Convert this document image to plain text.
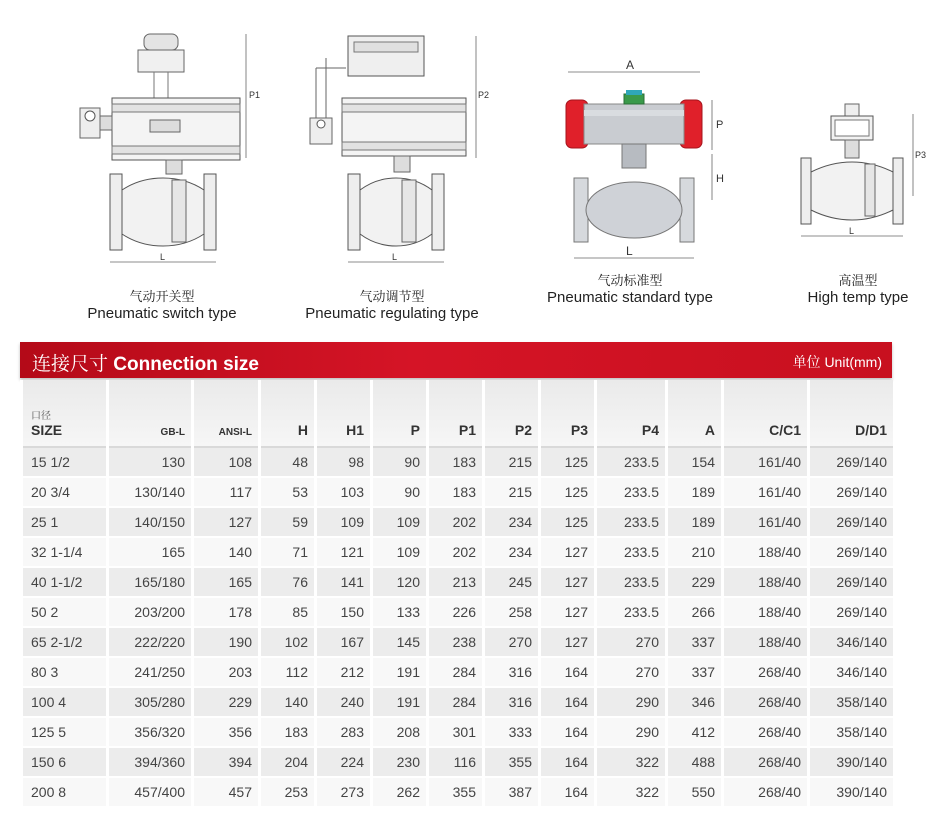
P1
L
气动开关型
Pneumatic switch type
P2
L
气动调节型
Pneumatic regulating type
A
P
H
L
气动标准型
Pneumatic standard type
P3
L
高温型
High temp type
连接尺寸 Connection size	单位 Unit(mm)
口径
SIZE	GB-L	ANSI-L	H	H1	P	P1	P2	P3	P4	A	C/C1	D/D1
15 1/2	130	108	48	98	90	183	215	125	233.5	154	161/40	269/140
20 3/4	130/140	117	53	103	90	183	215	125	233.5	189	161/40	269/140
25 1	140/150	127	59	109	109	202	234	125	233.5	189	161/40	269/140
32 1-1/4	165	140	71	121	109	202	234	127	233.5	210	188/40	269/140
40 1-1/2	165/180	165	76	141	120	213	245	127	233.5	229	188/40	269/140
50 2	203/200	178	85	150	133	226	258	127	233.5	266	188/40	269/140
65 2-1/2	222/220	190	102	167	145	238	270	127	270	337	188/40	346/140
80 3	241/250	203	112	212	191	284	316	164	270	337	268/40	346/140
100 4	305/280	229	140	240	191	284	316	164	290	346	268/40	358/140
125 5	356/320	356	183	283	208	301	333	164	290	412	268/40	358/140
150 6	394/360	394	204	224	230	116	355	164	322	488	268/40	390/140
200 8	457/400	457	253	273	262	355	387	164	322	550	268/40	390/140
